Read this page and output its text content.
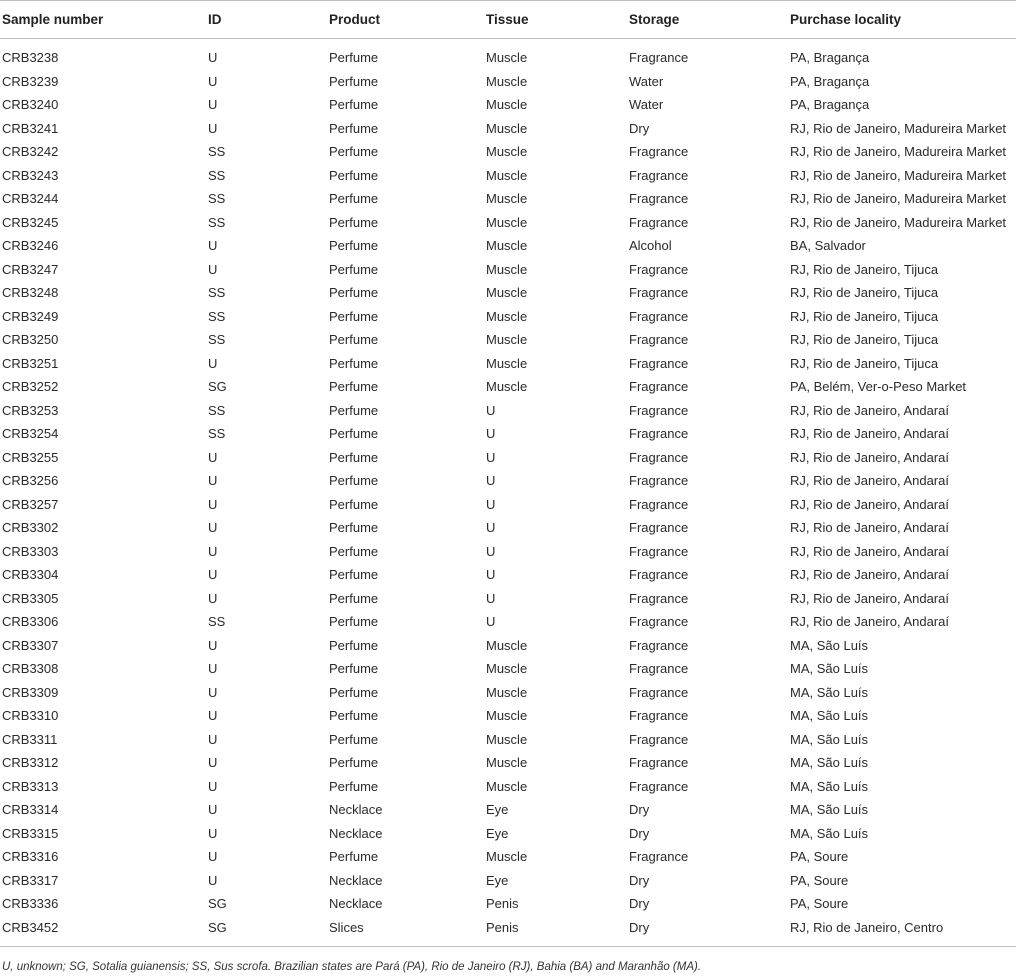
Sample number	ID	Product	Tissue	Storage	Purchase locality

CRB3238	U	Perfume	Muscle	Fragrance	PA, Bragança
CRB3239	U	Perfume	Muscle	Water	PA, Bragança
CRB3240	U	Perfume	Muscle	Water	PA, Bragança
CRB3241	U	Perfume	Muscle	Dry	RJ, Rio de Janeiro, Madureira Market
CRB3242	SS	Perfume	Muscle	Fragrance	RJ, Rio de Janeiro, Madureira Market
CRB3243	SS	Perfume	Muscle	Fragrance	RJ, Rio de Janeiro, Madureira Market
CRB3244	SS	Perfume	Muscle	Fragrance	RJ, Rio de Janeiro, Madureira Market
CRB3245	SS	Perfume	Muscle	Fragrance	RJ, Rio de Janeiro, Madureira Market
CRB3246	U	Perfume	Muscle	Alcohol	BA, Salvador
CRB3247	U	Perfume	Muscle	Fragrance	RJ, Rio de Janeiro, Tijuca
CRB3248	SS	Perfume	Muscle	Fragrance	RJ, Rio de Janeiro, Tijuca
CRB3249	SS	Perfume	Muscle	Fragrance	RJ, Rio de Janeiro, Tijuca
CRB3250	SS	Perfume	Muscle	Fragrance	RJ, Rio de Janeiro, Tijuca
CRB3251	U	Perfume	Muscle	Fragrance	RJ, Rio de Janeiro, Tijuca
CRB3252	SG	Perfume	Muscle	Fragrance	PA, Belém, Ver-o-Peso Market
CRB3253	SS	Perfume	U	Fragrance	RJ, Rio de Janeiro, Andaraí
CRB3254	SS	Perfume	U	Fragrance	RJ, Rio de Janeiro, Andaraí
CRB3255	U	Perfume	U	Fragrance	RJ, Rio de Janeiro, Andaraí
CRB3256	U	Perfume	U	Fragrance	RJ, Rio de Janeiro, Andaraí
CRB3257	U	Perfume	U	Fragrance	RJ, Rio de Janeiro, Andaraí
CRB3302	U	Perfume	U	Fragrance	RJ, Rio de Janeiro, Andaraí
CRB3303	U	Perfume	U	Fragrance	RJ, Rio de Janeiro, Andaraí
CRB3304	U	Perfume	U	Fragrance	RJ, Rio de Janeiro, Andaraí
CRB3305	U	Perfume	U	Fragrance	RJ, Rio de Janeiro, Andaraí
CRB3306	SS	Perfume	U	Fragrance	RJ, Rio de Janeiro, Andaraí
CRB3307	U	Perfume	Muscle	Fragrance	MA, São Luís
CRB3308	U	Perfume	Muscle	Fragrance	MA, São Luís
CRB3309	U	Perfume	Muscle	Fragrance	MA, São Luís
CRB3310	U	Perfume	Muscle	Fragrance	MA, São Luís
CRB3311	U	Perfume	Muscle	Fragrance	MA, São Luís
CRB3312	U	Perfume	Muscle	Fragrance	MA, São Luís
CRB3313	U	Perfume	Muscle	Fragrance	MA, São Luís
CRB3314	U	Necklace	Eye	Dry	MA, São Luís
CRB3315	U	Necklace	Eye	Dry	MA, São Luís
CRB3316	U	Perfume	Muscle	Fragrance	PA, Soure
CRB3317	U	Necklace	Eye	Dry	PA, Soure
CRB3336	SG	Necklace	Penis	Dry	PA, Soure
CRB3452	SG	Slices	Penis	Dry	RJ, Rio de Janeiro, Centro
U, unknown; SG, Sotalia guianensis; SS, Sus scrofa. Brazilian states are Pará (PA), Rio de Janeiro (RJ), Bahia (BA) and Maranhão (MA).
